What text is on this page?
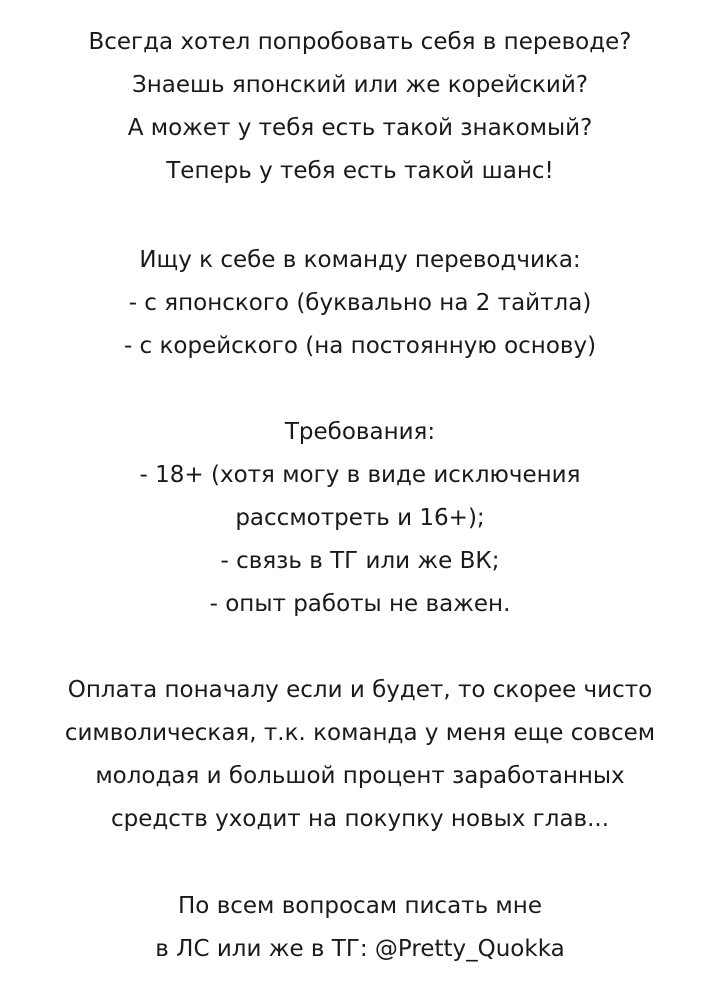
Всегда хотел попробовать себя в переводе?
Знаешь японский или же корейский?
А может у тебя есть такой знакомый?
Теперь у тебя есть такой шанс!
Ищу к себе в команду переводчика:
- с японского (буквально на 2 тайтла)
- с корейского (на постоянную основу)
Требования:
- 18+ (хотя могу в виде исключения
рассмотреть и 16+);
- связь в ТГ или же ВК;
- опыт работы не важен.
Оплата поначалу если и будет, то скорее чисто
символическая, т.к. команда у меня еще совсем
молодая и большой процент заработанных
средств уходит на покупку новых глав...
По всем вопросам писать мне
в ЛС или же в ТГ: @Pretty_Quokka
